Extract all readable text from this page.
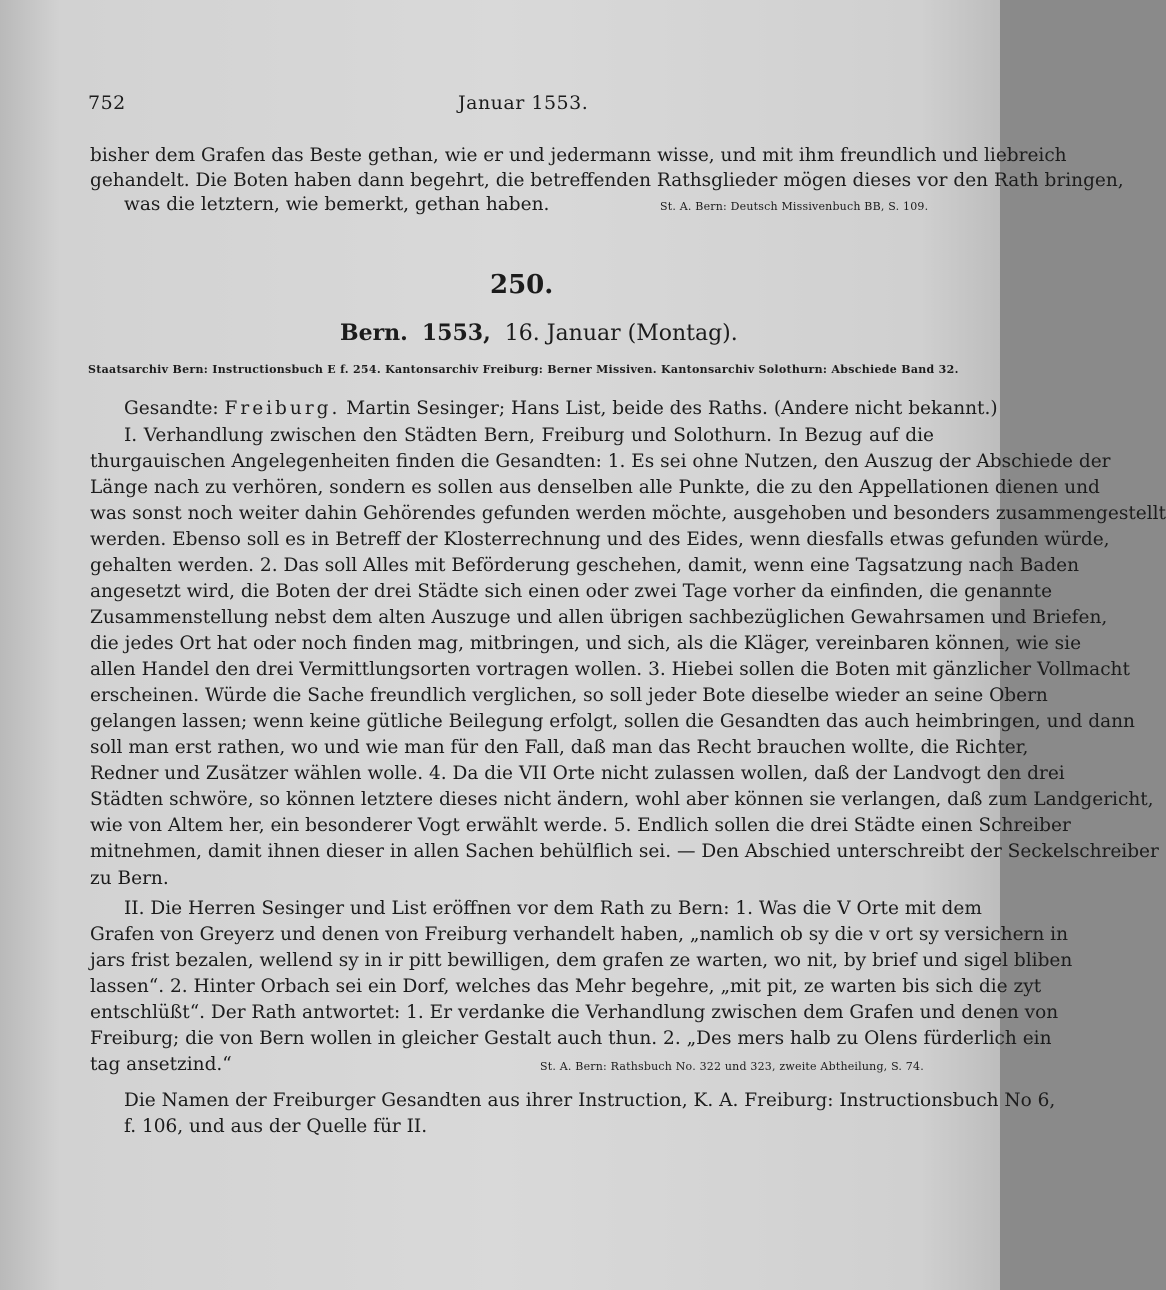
752	Januar 1553.
bisher dem Grafen das Beste gethan, wie er und jedermann wisse, und mit ihm freundlich und liebreich
gehandelt. Die Boten haben dann begehrt, die betreffenden Rathsglieder mögen dieses vor den Rath bringen,
was die letztern, wie bemerkt, gethan haben.	St. A. Bern: Deutsch Missivenbuch BB, S. 109.
250.
Bern. 1553, 16. Januar (Montag).
Staatsarchiv Bern: Instructionsbuch E f. 254. Kantonsarchiv Freiburg: Berner Missiven. Kantonsarchiv Solothurn: Abschiede Band 32.
Gesandte: Freiburg. Martin Sesinger; Hans List, beide des Raths. (Andere nicht bekannt.)
I. Verhandlung zwischen den Städten Bern, Freiburg und Solothurn. In Bezug auf die
thurgauischen Angelegenheiten finden die Gesandten: 1. Es sei ohne Nutzen, den Auszug der Abschiede der
Länge nach zu verhören, sondern es sollen aus denselben alle Punkte, die zu den Appellationen dienen und
was sonst noch weiter dahin Gehörendes gefunden werden möchte, ausgehoben und besonders zusammengestellt
werden. Ebenso soll es in Betreff der Klosterrechnung und des Eides, wenn diesfalls etwas gefunden würde,
gehalten werden. 2. Das soll Alles mit Beförderung geschehen, damit, wenn eine Tagsatzung nach Baden
angesetzt wird, die Boten der drei Städte sich einen oder zwei Tage vorher da einfinden, die genannte
Zusammenstellung nebst dem alten Auszuge und allen übrigen sachbezüglichen Gewahrsamen und Briefen,
die jedes Ort hat oder noch finden mag, mitbringen, und sich, als die Kläger, vereinbaren können, wie sie
allen Handel den drei Vermittlungsorten vortragen wollen. 3. Hiebei sollen die Boten mit gänzlicher Vollmacht
erscheinen. Würde die Sache freundlich verglichen, so soll jeder Bote dieselbe wieder an seine Obern
gelangen lassen; wenn keine gütliche Beilegung erfolgt, sollen die Gesandten das auch heimbringen, und dann
soll man erst rathen, wo und wie man für den Fall, daß man das Recht brauchen wollte, die Richter,
Redner und Zusätzer wählen wolle. 4. Da die VII Orte nicht zulassen wollen, daß der Landvogt den drei
Städten schwöre, so können letztere dieses nicht ändern, wohl aber können sie verlangen, daß zum Landgericht,
wie von Altem her, ein besonderer Vogt erwählt werde. 5. Endlich sollen die drei Städte einen Schreiber
mitnehmen, damit ihnen dieser in allen Sachen behülflich sei. — Den Abschied unterschreibt der Seckelschreiber
zu Bern.
II. Die Herren Sesinger und List eröffnen vor dem Rath zu Bern: 1. Was die V Orte mit dem
Grafen von Greyerz und denen von Freiburg verhandelt haben, „namlich ob sy die v ort sy versichern in
jars frist bezalen, wellend sy in ir pitt bewilligen, dem grafen ze warten, wo nit, by brief und sigel bliben
lassen“. 2. Hinter Orbach sei ein Dorf, welches das Mehr begehre, „mit pit, ze warten bis sich die zyt
entschlüßt“. Der Rath antwortet: 1. Er verdanke die Verhandlung zwischen dem Grafen und denen von
Freiburg; die von Bern wollen in gleicher Gestalt auch thun. 2. „Des mers halb zu Olens fürderlich ein
tag ansetzind.“	St. A. Bern: Rathsbuch No. 322 und 323, zweite Abtheilung, S. 74.
Die Namen der Freiburger Gesandten aus ihrer Instruction, K. A. Freiburg: Instructionsbuch No 6,
f. 106, und aus der Quelle für II.
